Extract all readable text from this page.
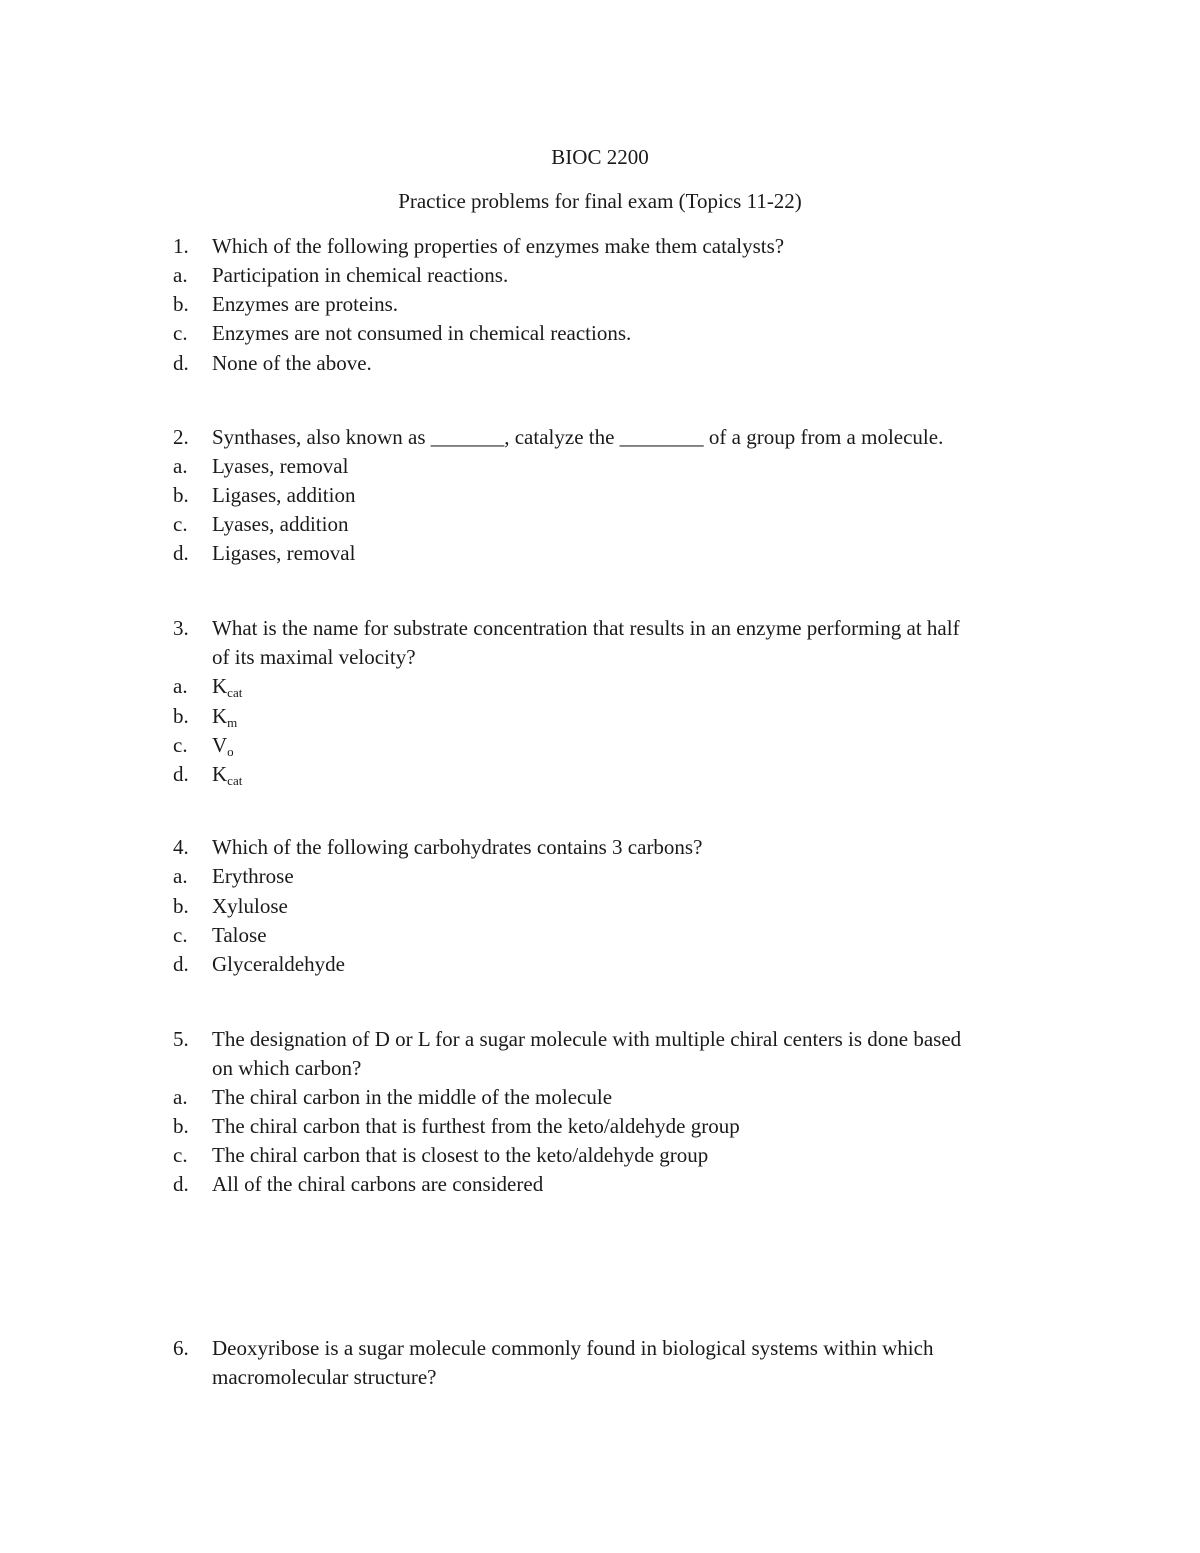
BIOC 2200
Practice problems for final exam (Topics 11-22)
1.	Which of the following properties of enzymes make them catalysts?
a.	Participation in chemical reactions.
b.	Enzymes are proteins.
c.	Enzymes are not consumed in chemical reactions.
d.	None of the above.
2.	Synthases, also known as _______, catalyze the ________ of a group from a molecule.
a.	Lyases, removal
b.	Ligases, addition
c.	Lyases, addition
d.	Ligases, removal
3.	What is the name for substrate concentration that results in an enzyme performing at half
of its maximal velocity?
a.	$K_{cat}$
b.	$K_m$
c.	$V_o$
d.	$K_{cat}$
4.	Which of the following carbohydrates contains 3 carbons?
a.	Erythrose
b.	Xylulose
c.	Talose
d.	Glyceraldehyde
5.	The designation of D or L for a sugar molecule with multiple chiral centers is done based
on which carbon?
a.	The chiral carbon in the middle of the molecule
b.	The chiral carbon that is furthest from the keto/aldehyde group
c.	The chiral carbon that is closest to the keto/aldehyde group
d.	All of the chiral carbons are considered
6.	Deoxyribose is a sugar molecule commonly found in biological systems within which
macromolecular structure?
